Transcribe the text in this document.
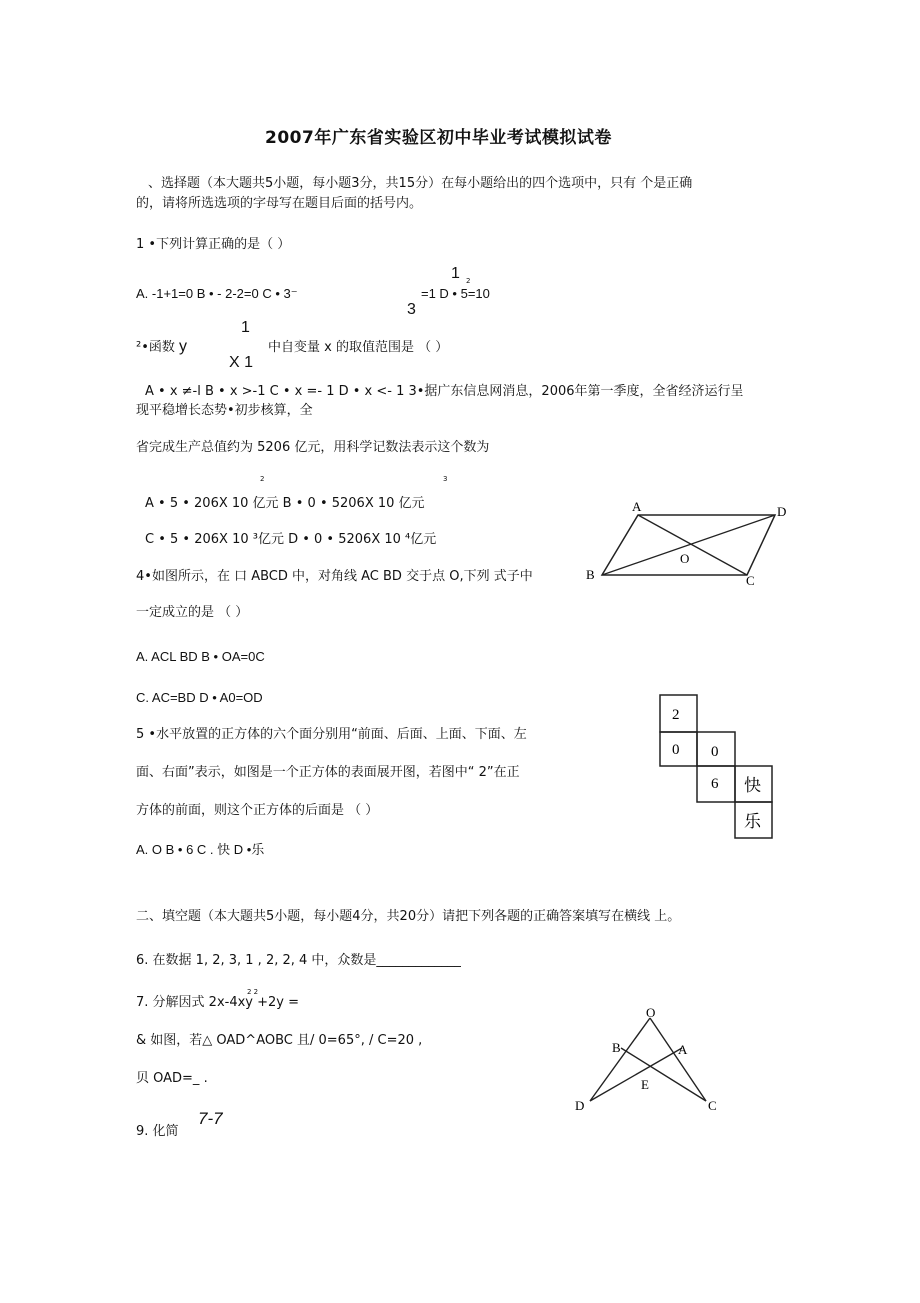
2007年广东省实验区初中毕业考试模拟试卷
、选择题（本大题共5小题，每小题3分，共15分）在每小题给出的四个选项中，只有 个是正确
的，请将所选选项的字母写在题目后面的括号内。
1 •下列计算正确的是（ ）
1 2
A. -1+1=0 B • - 2-2=0 C • 3⁻	=1 D • 5=10
3
1
²•函数 y	中自变量 x 的取值范围是 （ ）
X 1
A • x ≠-l B • x >-1 C • x =- 1 D • x <- 1 3•据广东信息网消息，2006年第一季度，全省经济运行呈
现平稳增长态势•初步核算，全
省完成生产总值约为 5206 亿元，用科学记数法表示这个数为
2	3
A • 5 • 206X 10 亿元 B • 0 • 5206X 10 亿元
C • 5 • 206X 10 ³亿元 D • 0 • 5206X 10 ⁴亿元
4•如图所示，在 口 ABCD 中，对角线 AC BD 交于点 O,下列 式子中
一定成立的是 （ ）
A. ACL BD B • OA=0C
C. AC=BD D • A0=OD
A	D
B	C
O
5 •水平放置的正方体的六个面分别用“前面、后面、上面、下面、左
面、右面”表示，如图是一个正方体的表面展开图，若图中“ 2”在正
方体的前面，则这个正方体的后面是 （ ）
A. O B • 6 C . 快 D •乐
2
0 0
6 快
乐
二、填空题（本大题共5小题，每小题4分，共20分）请把下列各题的正确答案填写在横线 上。
6. 在数据 1, 2, 3, 1 , 2, 2, 4 中，众数是_____________
2 2
7. 分解因式 2x-4xy +2y =
& 如图，若△ OAD^AOBC 且/ 0=65°, / C=20 ,
贝 OAD=_ .
O
B	A
E
D	C
7-7
9. 化简
